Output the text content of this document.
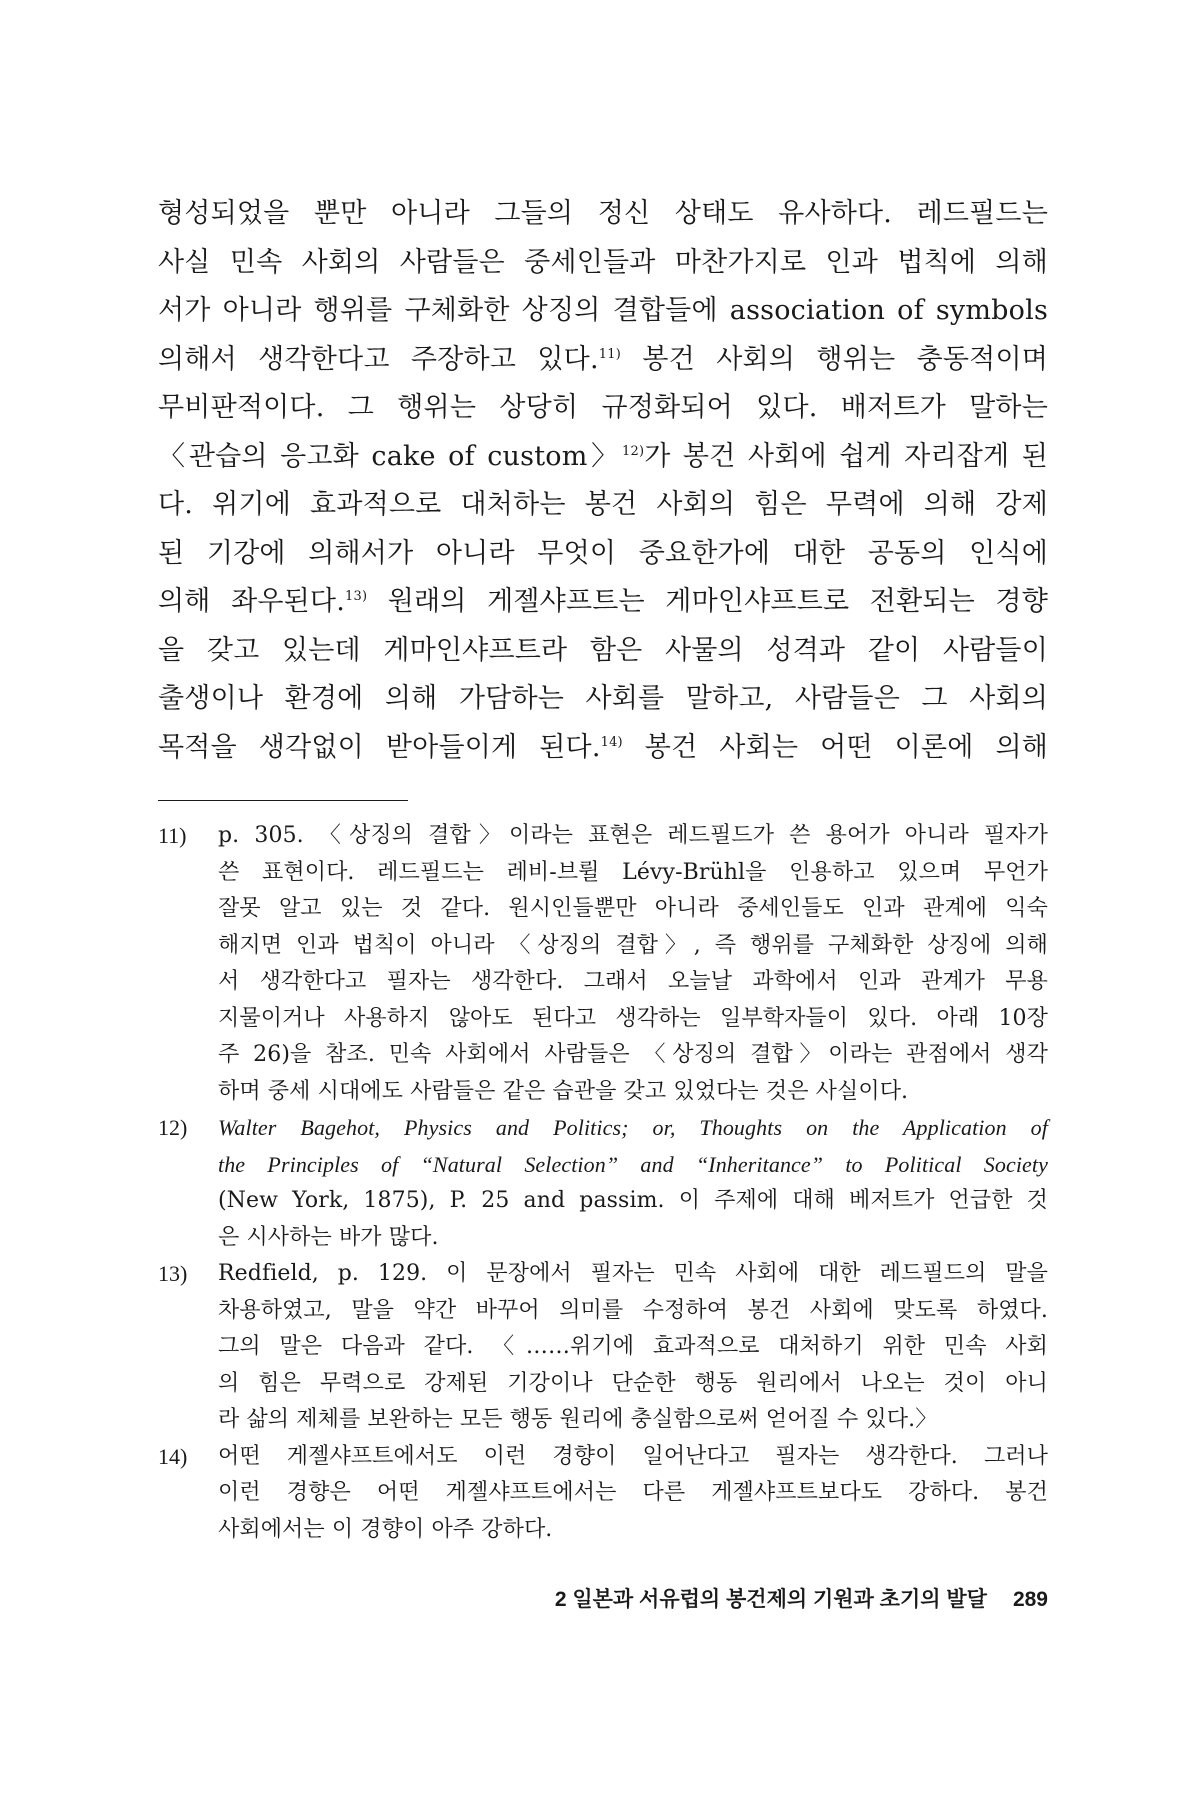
형성되었을 뿐만 아니라 그들의 정신 상태도 유사하다. 레드필드는
사실 민속 사회의 사람들은 중세인들과 마찬가지로 인과 법칙에 의해
서가 아니라 행위를 구체화한 상징의 결합들에 association of symbols
의해서 생각한다고 주장하고 있다.$^{11)}$ 봉건 사회의 행위는 충동적이며
무비판적이다. 그 행위는 상당히 규정화되어 있다. 배저트가 말하는
〈관습의 응고화 cake of custom〉$^{12)}$가 봉건 사회에 쉽게 자리잡게 된
다. 위기에 효과적으로 대처하는 봉건 사회의 힘은 무력에 의해 강제
된 기강에 의해서가 아니라 무엇이 중요한가에 대한 공동의 인식에
의해 좌우된다.$^{13)}$ 원래의 게젤샤프트는 게마인샤프트로 전환되는 경향
을 갖고 있는데 게마인샤프트라 함은 사물의 성격과 같이 사람들이
출생이나 환경에 의해 가담하는 사회를 말하고, 사람들은 그 사회의
목적을 생각없이 받아들이게 된다.$^{14)}$ 봉건 사회는 어떤 이론에 의해
11) p. 305. 〈상징의 결합〉이라는 표현은 레드필드가 쓴 용어가 아니라 필자가
쓴 표현이다. 레드필드는 레비-브륄 Lévy-Brühl을 인용하고 있으며 무언가
잘못 알고 있는 것 같다. 원시인들뿐만 아니라 중세인들도 인과 관계에 익숙
해지면 인과 법칙이 아니라 〈상징의 결합〉, 즉 행위를 구체화한 상징에 의해
서 생각한다고 필자는 생각한다. 그래서 오늘날 과학에서 인과 관계가 무용
지물이거나 사용하지 않아도 된다고 생각하는 일부학자들이 있다. 아래 10장
주 26)을 참조. 민속 사회에서 사람들은 〈상징의 결합〉이라는 관점에서 생각
하며 중세 시대에도 사람들은 같은 습관을 갖고 있었다는 것은 사실이다.
12) Walter Bagehot, Physics and Politics; or, Thoughts on the Application of
the Principles of “Natural Selection” and “Inheritance” to Political Society
(New York, 1875), P. 25 and passim. 이 주제에 대해 베저트가 언급한 것
은 시사하는 바가 많다.
13) Redfield, p. 129. 이 문장에서 필자는 민속 사회에 대한 레드필드의 말을
차용하였고, 말을 약간 바꾸어 의미를 수정하여 봉건 사회에 맞도록 하였다.
그의 말은 다음과 같다. 〈……위기에 효과적으로 대처하기 위한 민속 사회
의 힘은 무력으로 강제된 기강이나 단순한 행동 원리에서 나오는 것이 아니
라 삶의 제체를 보완하는 모든 행동 원리에 충실함으로써 얻어질 수 있다.〉
14) 어떤 게젤샤프트에서도 이런 경향이 일어난다고 필자는 생각한다. 그러나
이런 경향은 어떤 게젤샤프트에서는 다른 게젤샤프트보다도 강하다. 봉건
사회에서는 이 경향이 아주 강하다.
2 일본과 서유럽의 봉건제의 기원과 초기의 발달 289
